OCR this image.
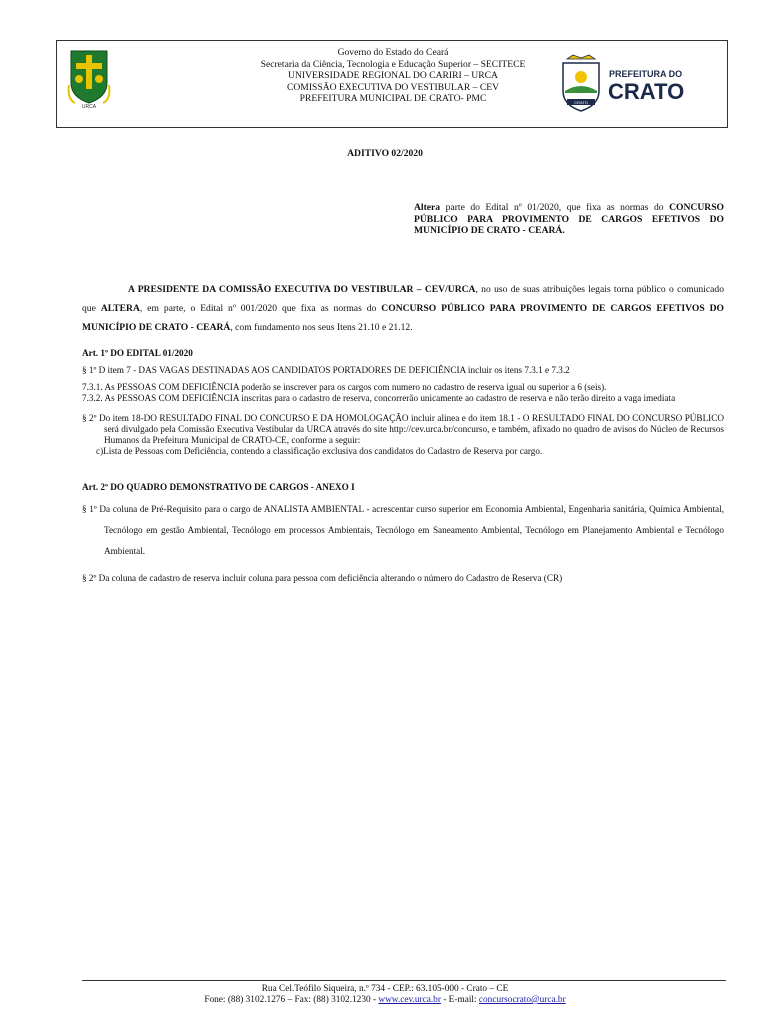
URCA
Governo do Estado do Ceará
Secretaria da Ciência, Tecnologia e Educação Superior – SECITECE
UNIVERSIDADE REGIONAL DO CARIRI – URCA
COMISSÃO EXECUTIVA DO VESTIBULAR – CEV
PREFEITURA MUNICIPAL DE CRATO- PMC	CRATO
PREFEITURA DO
CRATO
ADITIVO 02/2020
Altera parte do Edital nº 01/2020, que fixa as normas do CONCURSO PÚBLICO PARA PROVIMENTO DE CARGOS EFETIVOS DO MUNICÍPIO DE CRATO - CEARÁ.
A PRESIDENTE DA COMISSÃO EXECUTIVA DO VESTIBULAR – CEV/URCA, no uso de suas atribuições legais torna público o comunicado que ALTERA, em parte, o Edital nº 001/2020 que fixa as normas do CONCURSO PÚBLICO PARA PROVIMENTO DE CARGOS EFETIVOS DO MUNICÍPIO DE CRATO - CEARÁ, com fundamento nos seus Itens 21.10 e 21.12.
Art. 1º DO EDITAL 01/2020
§ 1º D item 7 - DAS VAGAS DESTINADAS AOS CANDIDATOS PORTADORES DE DEFICIÊNCIA incluir os itens 7.3.1 e 7.3.2
7.3.1. As PESSOAS COM DEFICIÊNCIA poderão se inscrever para os cargos com numero no cadastro de reserva igual ou superior a 6 (seis).
7.3.2. As PESSOAS COM DEFICIÊNCIA inscritas para o cadastro de reserva, concorrerão unicamente ao cadastro de reserva e não terão direito a vaga imediata
§ 2º Do item 18-DO RESULTADO FINAL DO CONCURSO E DA HOMOLOGAÇÃO incluir alinea e do item 18.1 - O RESULTADO FINAL DO CONCURSO PÚBLICO será divulgado pela Comissão Executiva Vestibular da URCA através do site http://cev.urca.br/concurso, e também, afixado no quadro de avisos do Núcleo de Recursos Humanos da Prefeitura Municipal de CRATO-CE, conforme a seguir:
c)Lista de Pessoas com Deficiência, contendo a classificação exclusiva dos candidatos do Cadastro de Reserva por cargo.
Art. 2º DO QUADRO DEMONSTRATIVO DE CARGOS - ANEXO I
§ 1º Da coluna de Pré-Requisito para o cargo de ANALISTA AMBIENTAL - acrescentar curso superior em Economia Ambiental, Engenharia sanitária, Química Ambiental, Tecnólogo em gestão Ambiental, Tecnólogo em processos Ambientais, Tecnólogo em Saneamento Ambiental, Tecnólogo em Planejamento Ambiental e Tecnólogo Ambiental.
§ 2º Da coluna de cadastro de reserva incluir coluna para pessoa com deficiência alterando o número do Cadastro de Reserva (CR)
Rua Cel.Teófilo Siqueira, n.º 734 - CEP.: 63.105-000 - Crato – CE
Fone: (88) 3102.1276 – Fax: (88) 3102.1230 - www.cev.urca.br - E-mail: concursocrato@urca.br
